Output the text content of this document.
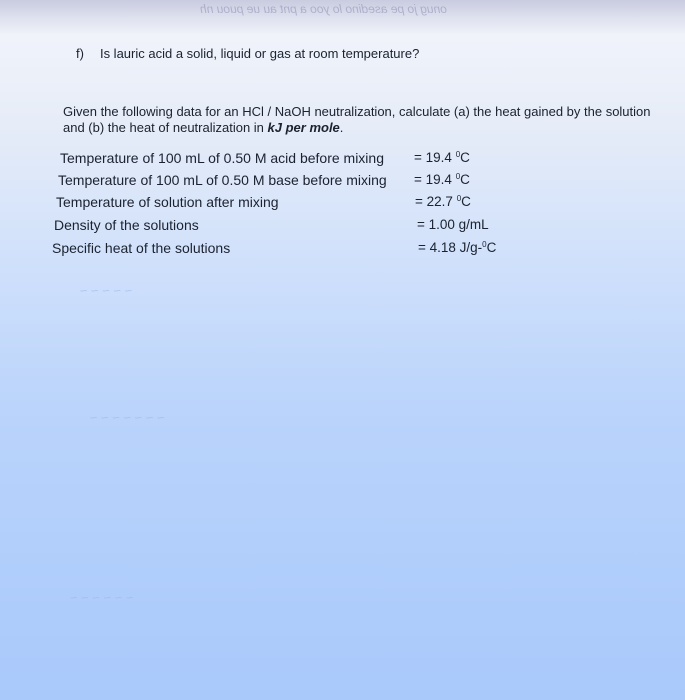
onug jo pe asedino lo yoo a pnt au ue puou nh
f) Is lauric acid a solid, liquid or gas at room temperature?
Given the following data for an HCl / NaOH neutralization, calculate (a) the heat gained by the solution and (b) the heat of neutralization in kJ per mole.
Temperature of 100 mL of 0.50 M acid before mixing
Temperature of 100 mL of 0.50 M base before mixing
Temperature of solution after mixing
Density of the solutions
Specific heat of the solutions
= 19.4 $^0$C
= 19.4 $^0$C
= 22.7 $^0$C
= 1.00 g/mL
= 4.18 J/g-$^0$C
~ ~ ~ ~ ~
~ ~ ~ ~ ~ ~ ~
~ ~ ~ ~ ~ ~
